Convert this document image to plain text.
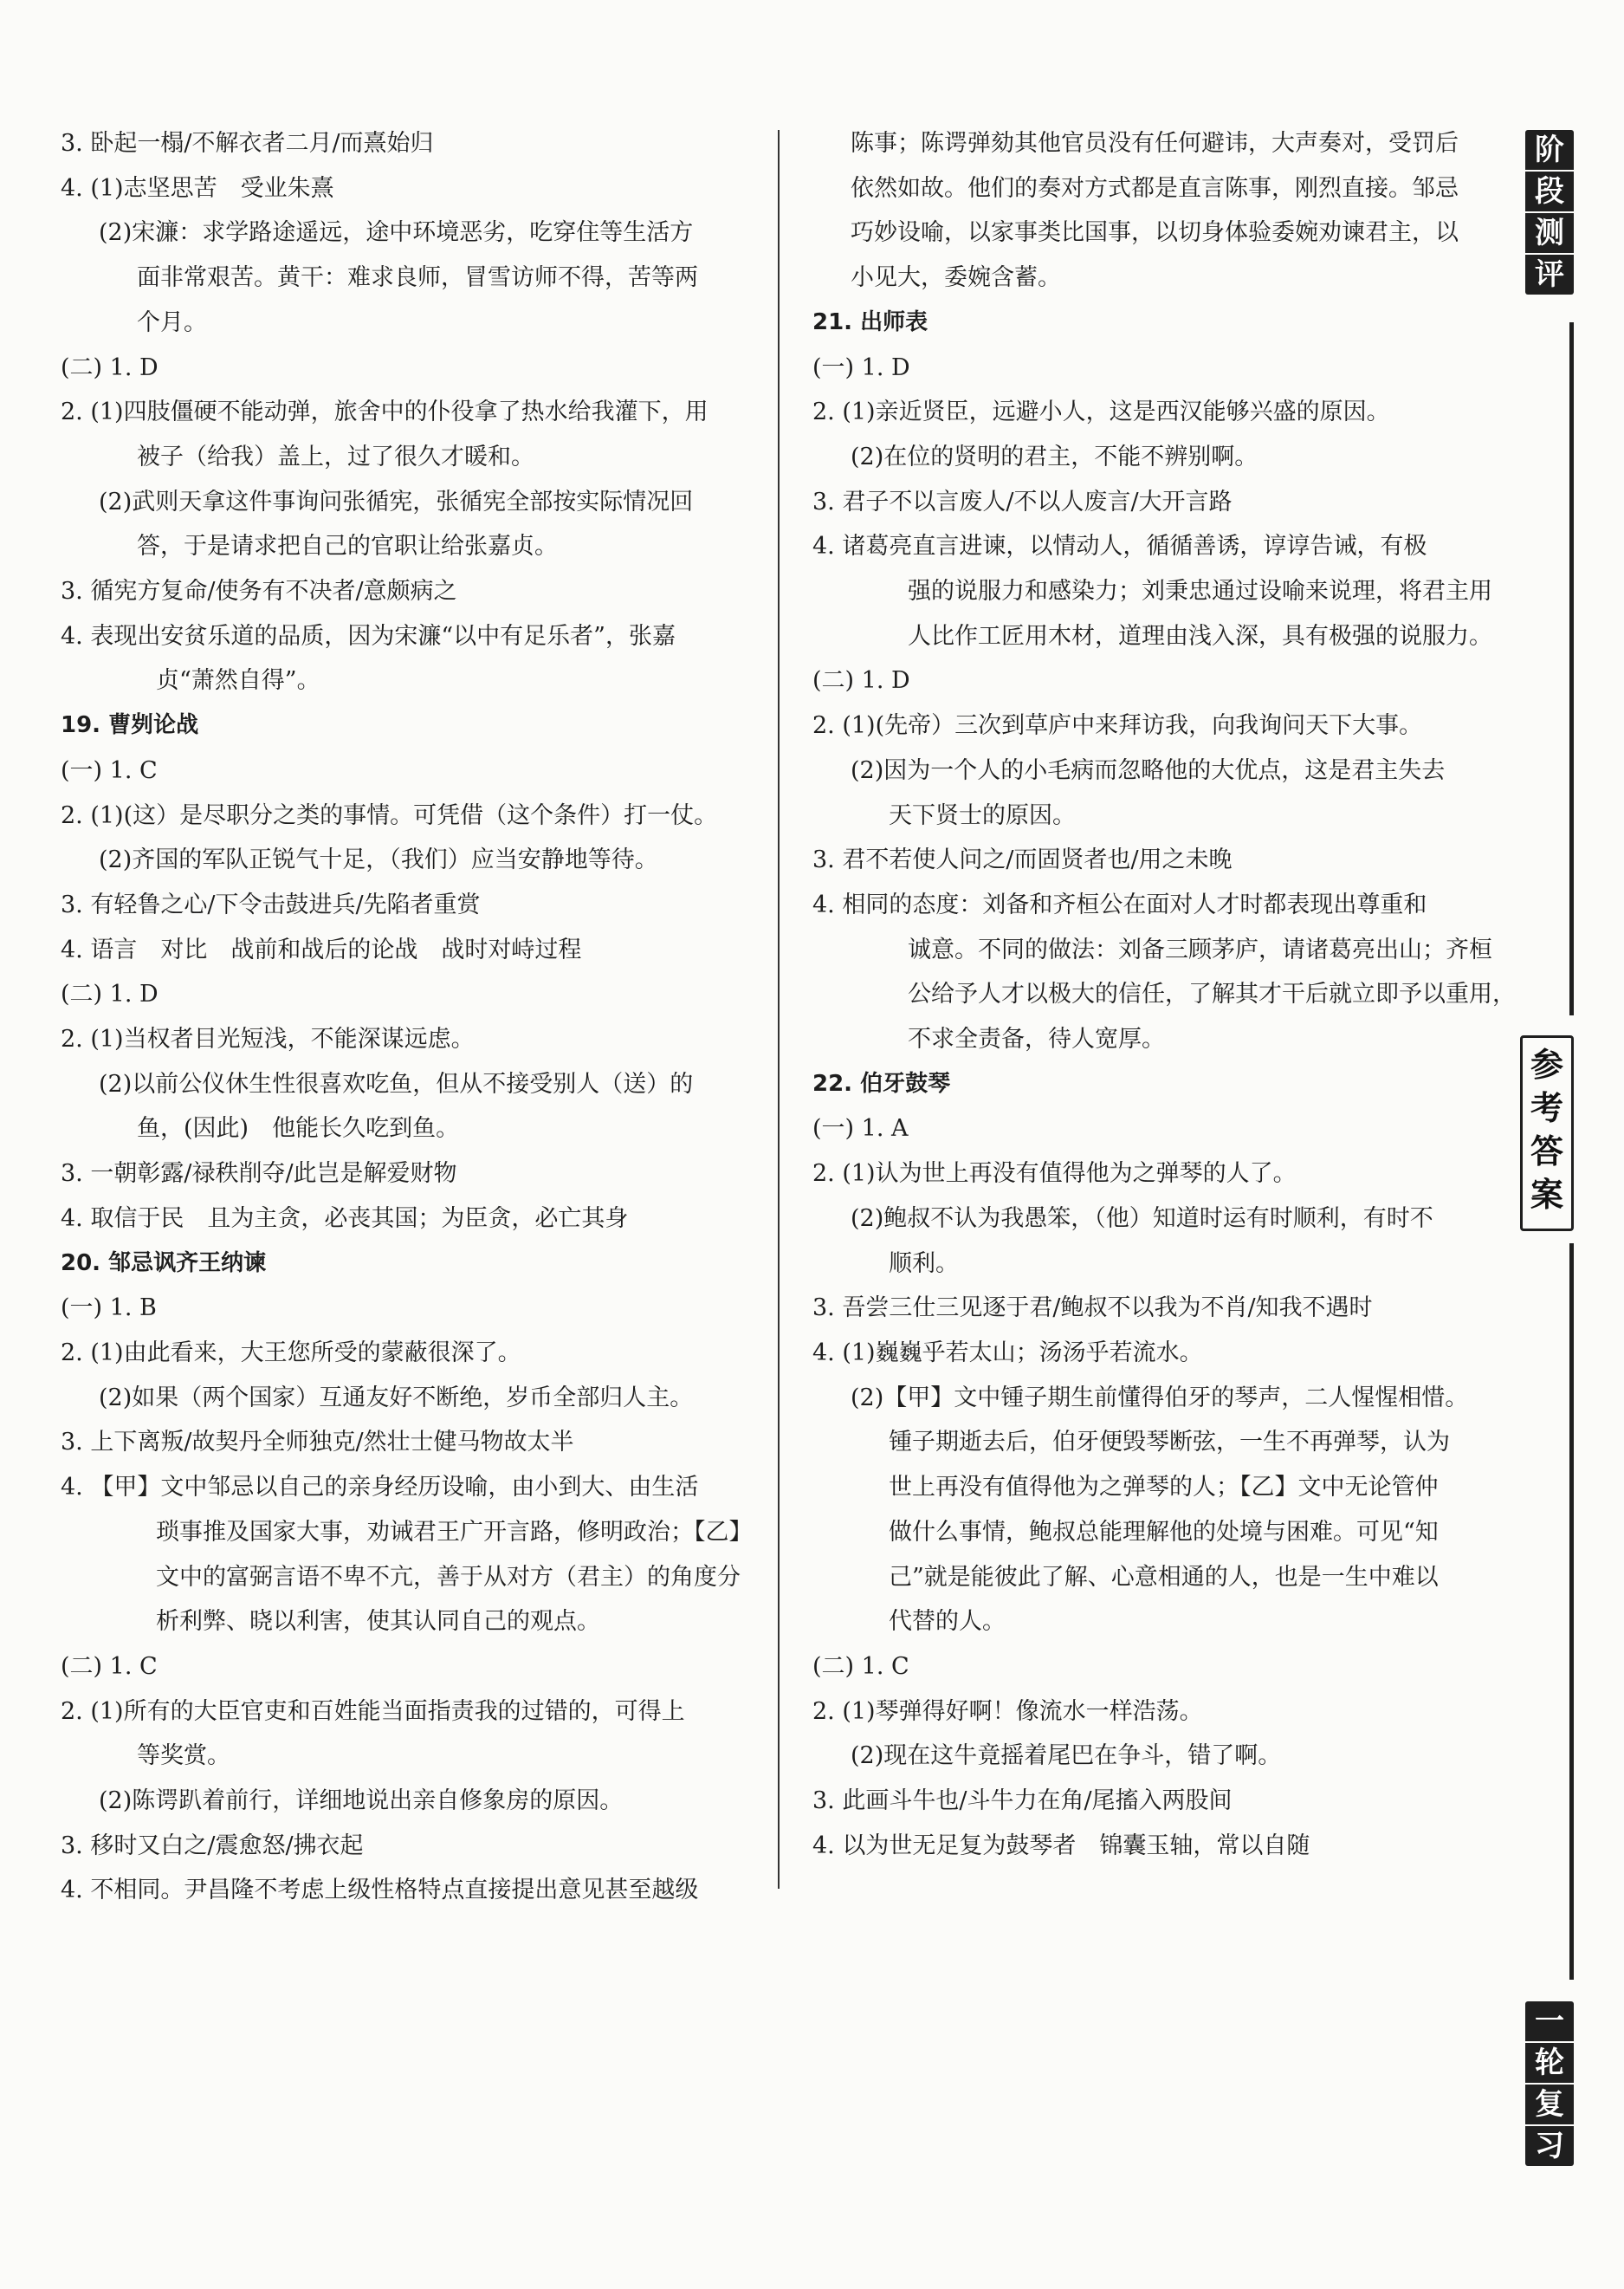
3. 卧起一榻/不解衣者二月/而熹始归

4. (1)志坚思苦　受业朱熹

(2)宋濂：求学路途遥远，途中环境恶劣，吃穿住等生活方

面非常艰苦。黄干：难求良师，冒雪访师不得，苦等两

个月。

(二) 1. D

2. (1)四肢僵硬不能动弹，旅舍中的仆役拿了热水给我灌下，用

被子（给我）盖上，过了很久才暖和。

(2)武则天拿这件事询问张循宪，张循宪全部按实际情况回

答，于是请求把自己的官职让给张嘉贞。

3. 循宪方复命/使务有不决者/意颇病之

4. 表现出安贫乐道的品质，因为宋濂“以中有足乐者”，张嘉

贞“萧然自得”。

19. 曹刿论战

(一) 1. C

2. (1)(这）是尽职分之类的事情。可凭借（这个条件）打一仗。

(2)齐国的军队正锐气十足，（我们）应当安静地等待。

3. 有轻鲁之心/下令击鼓进兵/先陷者重赏

4. 语言　对比　战前和战后的论战　战时对峙过程

(二) 1. D

2. (1)当权者目光短浅，不能深谋远虑。

(2)以前公仪休生性很喜欢吃鱼，但从不接受别人（送）的

鱼，(因此)　他能长久吃到鱼。

3. 一朝彰露/禄秩削夺/此岂是解爱财物

4. 取信于民　且为主贪，必丧其国；为臣贪，必亡其身

20. 邹忌讽齐王纳谏

(一) 1. B

2. (1)由此看来，大王您所受的蒙蔽很深了。

(2)如果（两个国家）互通友好不断绝，岁币全部归人主。

3. 上下离叛/故契丹全师独克/然壮士健马物故太半

4. 【甲】文中邹忌以自己的亲身经历设喻，由小到大、由生活

琐事推及国家大事，劝诫君王广开言路，修明政治；【乙】

文中的富弼言语不卑不亢，善于从对方（君主）的角度分

析利弊、晓以利害，使其认同自己的观点。

(二) 1. C

2. (1)所有的大臣官吏和百姓能当面指责我的过错的，可得上

等奖赏。

(2)陈谔趴着前行，详细地说出亲自修象房的原因。

3. 移时又白之/震愈怒/拂衣起

4. 不相同。尹昌隆不考虑上级性格特点直接提出意见甚至越级

陈事；陈谔弹劾其他官员没有任何避讳，大声奏对，受罚后

依然如故。他们的奏对方式都是直言陈事，刚烈直接。邹忌

巧妙设喻，以家事类比国事，以切身体验委婉劝谏君主，以

小见大，委婉含蓄。

21. 出师表

(一) 1. D

2. (1)亲近贤臣，远避小人，这是西汉能够兴盛的原因。

(2)在位的贤明的君主，不能不辨别啊。

3. 君子不以言废人/不以人废言/大开言路

4. 诸葛亮直言进谏，以情动人，循循善诱，谆谆告诫，有极

强的说服力和感染力；刘秉忠通过设喻来说理，将君主用

人比作工匠用木材，道理由浅入深，具有极强的说服力。

(二) 1. D

2. (1)(先帝）三次到草庐中来拜访我，向我询问天下大事。

(2)因为一个人的小毛病而忽略他的大优点，这是君主失去

天下贤士的原因。

3. 君不若使人问之/而固贤者也/用之未晚

4. 相同的态度：刘备和齐桓公在面对人才时都表现出尊重和

诚意。不同的做法：刘备三顾茅庐，请诸葛亮出山；齐桓

公给予人才以极大的信任，了解其才干后就立即予以重用，

不求全责备，待人宽厚。

22. 伯牙鼓琴

(一) 1. A

2. (1)认为世上再没有值得他为之弹琴的人了。

(2)鲍叔不认为我愚笨，（他）知道时运有时顺利，有时不

顺利。

3. 吾尝三仕三见逐于君/鲍叔不以我为不肖/知我不遇时

4. (1)巍巍乎若太山；汤汤乎若流水。

(2)【甲】文中锺子期生前懂得伯牙的琴声，二人惺惺相惜。

锺子期逝去后，伯牙便毁琴断弦，一生不再弹琴，认为

世上再没有值得他为之弹琴的人；【乙】文中无论管仲

做什么事情，鲍叔总能理解他的处境与困难。可见“知

己”就是能彼此了解、心意相通的人，也是一生中难以

代替的人。

(二) 1. C

2. (1)琴弹得好啊！像流水一样浩荡。

(2)现在这牛竟摇着尾巴在争斗，错了啊。

3. 此画斗牛也/斗牛力在角/尾搐入两股间

4. 以为世无足复为鼓琴者　锦囊玉轴，常以自随

阶
段
测
评
参考答案
一
轮
复
习
